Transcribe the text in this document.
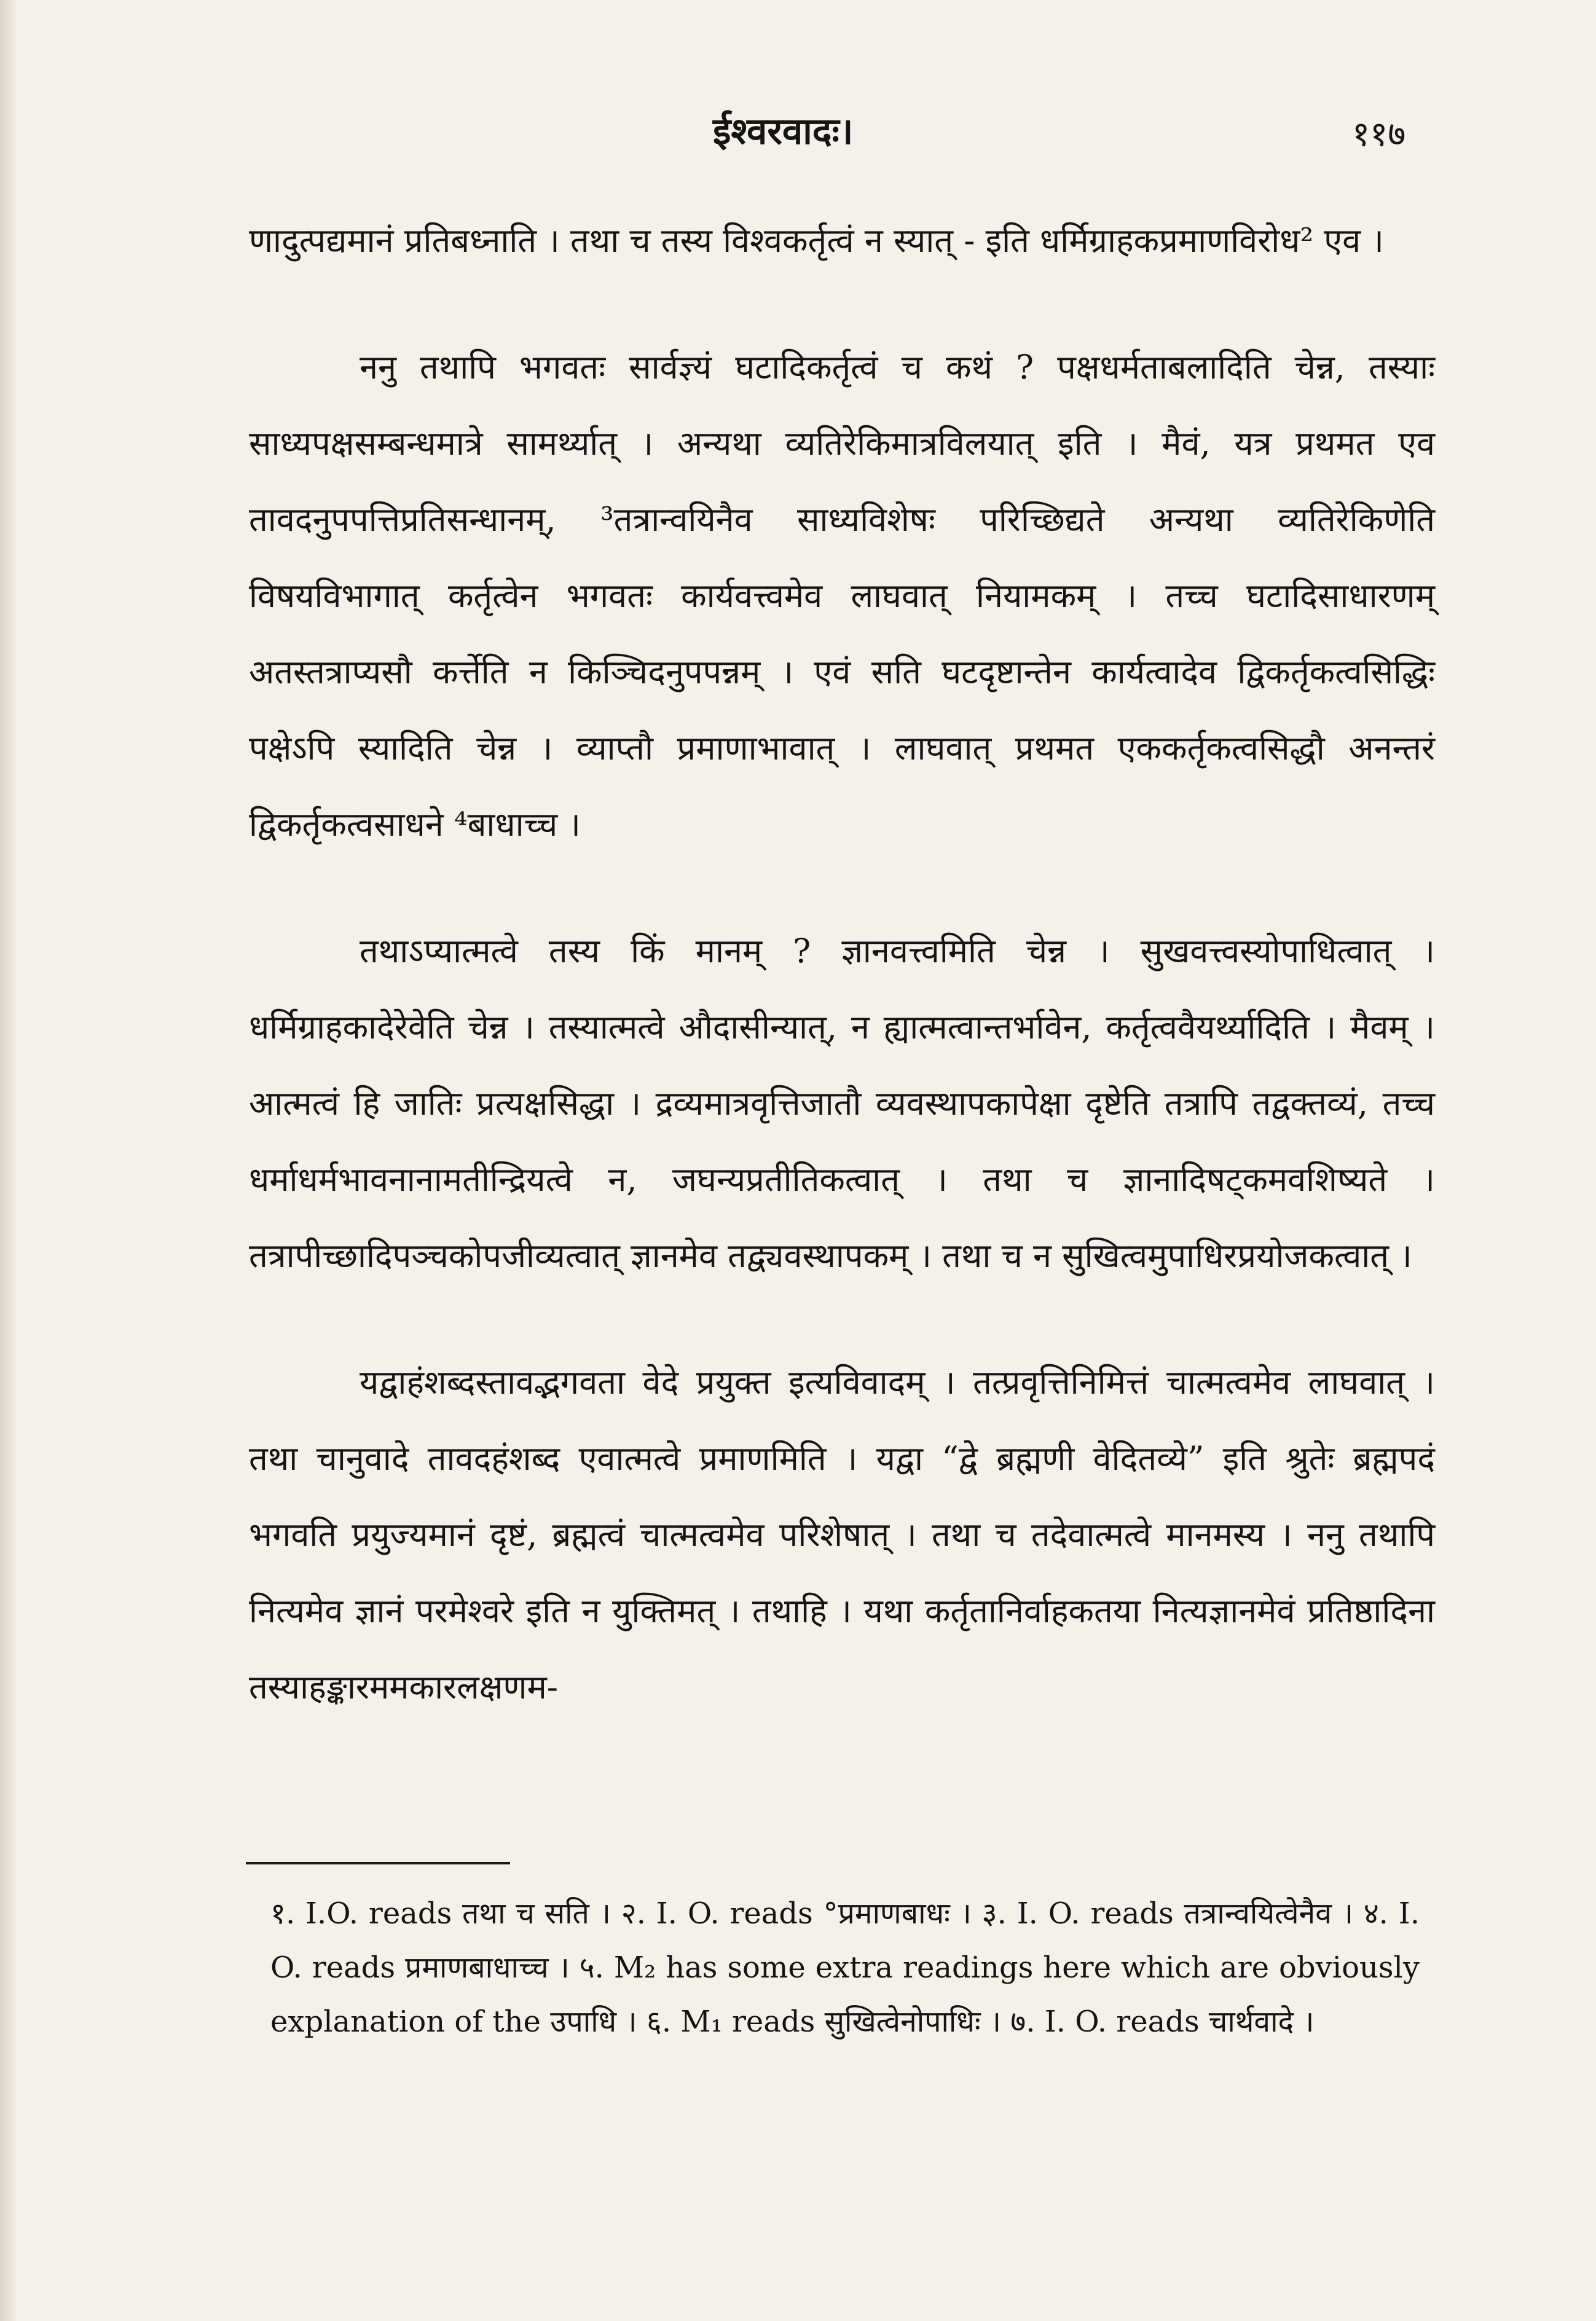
ईश्वरवादः।	११७

णादुत्पद्यमानं प्रतिबध्नाति । तथा च तस्य विश्वकर्तृत्वं न स्यात् - इति धर्मिग्राहकप्रमाणविरोध² एव ।

ननु तथापि भगवतः सार्वज्ञ्यं घटादिकर्तृत्वं च कथं ? पक्षधर्मताबलादिति चेन्न, तस्याः साध्यपक्षसम्बन्धमात्रे सामर्थ्यात् । अन्यथा व्यतिरेकिमात्रविलयात् इति । मैवं, यत्र प्रथमत एव तावदनुपपत्तिप्रतिसन्धानम्, ³तत्रान्वयिनैव साध्यविशेषः परिच्छिद्यते अन्यथा व्यतिरेकिणेति विषयविभागात् कर्तृत्वेन भगवतः कार्यवत्त्वमेव लाघवात् नियामकम् । तच्च घटादिसाधारणम् अतस्तत्राप्यसौ कर्त्तेति न किञ्चिदनुपपन्नम् । एवं सति घटदृष्टान्तेन कार्यत्वादेव द्विकर्तृकत्वसिद्धिः पक्षेऽपि स्यादिति चेन्न । व्याप्तौ प्रमाणाभावात् । लाघवात् प्रथमत एककर्तृकत्वसिद्धौ अनन्तरं द्विकर्तृकत्वसाधने ⁴बाधाच्च ।

तथाऽप्यात्मत्वे तस्य किं मानम् ? ज्ञानवत्त्वमिति चेन्न । सुखवत्त्वस्योपाधित्वात् । धर्मिग्राहकादेरेवेति चेन्न । तस्यात्मत्वे औदासीन्यात्, न ह्यात्मत्वान्तर्भावेन, कर्तृत्ववैयर्थ्यादिति । मैवम् । आत्मत्वं हि जातिः प्रत्यक्षसिद्धा । द्रव्यमात्रवृत्तिजातौ व्यवस्थापकापेक्षा दृष्टेति तत्रापि तद्वक्तव्यं, तच्च धर्माधर्मभावनानामतीन्द्रियत्वे न, जघन्यप्रतीतिकत्वात् । तथा च ज्ञानादिषट्कमवशिष्यते । तत्रापीच्छादिपञ्चकोपजीव्यत्वात् ज्ञानमेव तद्व्यवस्थापकम् । तथा च न सुखित्वमुपाधिरप्रयोजकत्वात् ।

यद्वाहंशब्दस्तावद्भगवता वेदे प्रयुक्त इत्यविवादम् । तत्प्रवृत्तिनिमित्तं चात्मत्वमेव लाघवात् । तथा चानुवादे तावदहंशब्द एवात्मत्वे प्रमाणमिति । यद्वा “द्वे ब्रह्मणी वेदितव्ये” इति श्रुतेः ब्रह्मपदं भगवति प्रयुज्यमानं दृष्टं, ब्रह्मत्वं चात्मत्वमेव परिशेषात् । तथा च तदेवात्मत्वे मानमस्य । ननु तथापि नित्यमेव ज्ञानं परमेश्वरे इति न युक्तिमत् । तथाहि । यथा कर्तृतानिर्वाहकतया नित्यज्ञानमेवं प्रतिष्ठादिना तस्याहङ्कारममकारलक्षणम-

१. I.O. reads तथा च सति । २. I. O. reads °प्रमाणबाधः । ३. I. O. reads तत्रान्वयित्वेनैव । ४. I. O. reads प्रमाणबाधाच्च । ५. M₂ has some extra readings here which are obviously explanation of the उपाधि । ६. M₁ reads सुखित्वेनोपाधिः । ७. I. O. reads चार्थवादे ।
